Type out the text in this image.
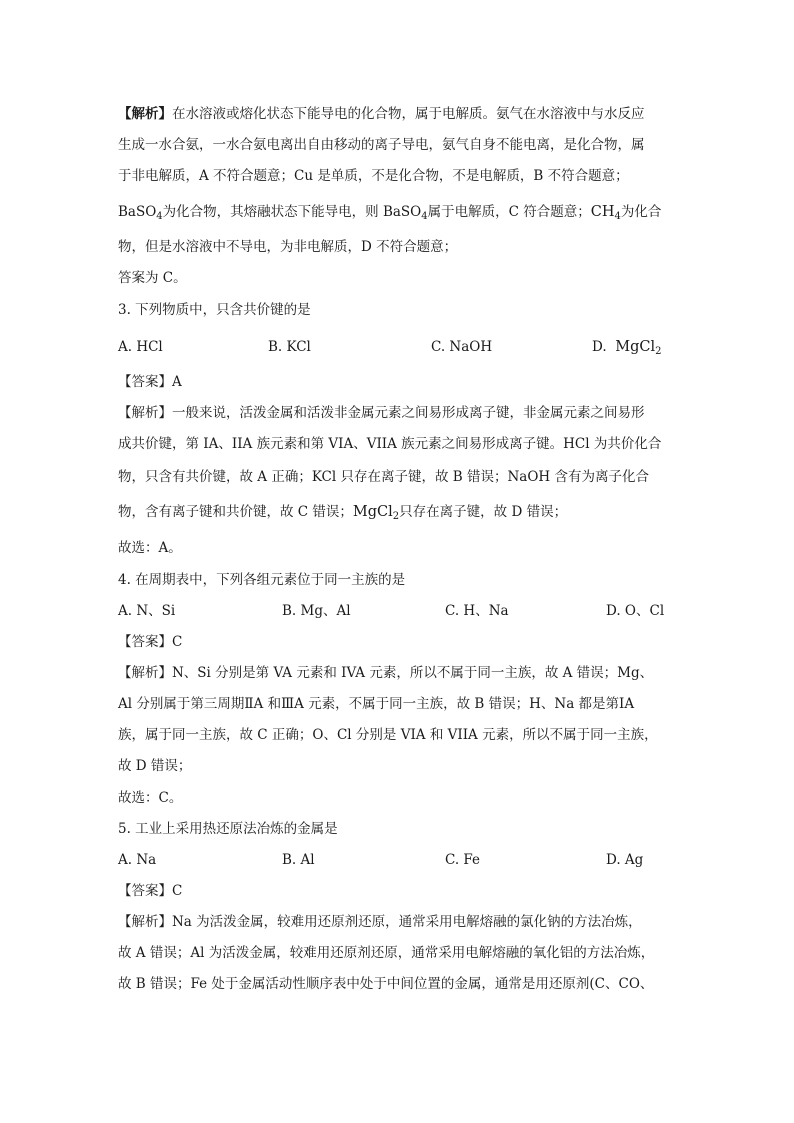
【解析】在水溶液或熔化状态下能导电的化合物，属于电解质。氨气在水溶液中与水反应
生成一水合氨，一水合氨电离出自由移动的离子导电，氨气自身不能电离，是化合物，属
于非电解质，A 不符合题意；Cu 是单质，不是化合物，不是电解质，B 不符合题意；
BaSO$_4$为化合物，其熔融状态下能导电，则 BaSO$_4$属于电解质，C 符合题意；$CH_4$为化合
物，但是水溶液中不导电，为非电解质，D 不符合题意；
答案为 C。
3. 下列物质中，只含共价键的是
A. HCl	B. KCl	C. NaOH	D. MgCl$_2$
【答案】A
【解析】一般来说，活泼金属和活泼非金属元素之间易形成离子键，非金属元素之间易形
成共价键，第 IA、IIA 族元素和第 VIA、VIIA 族元素之间易形成离子键。HCl 为共价化合
物，只含有共价键，故 A 正确；KCl 只存在离子键，故 B 错误；NaOH 含有为离子化合
物，含有离子键和共价键，故 C 错误；MgCl$_2$只存在离子键，故 D 错误；
故选：A。
4. 在周期表中，下列各组元素位于同一主族的是
A. N、Si	B. Mg、Al	C. H、Na	D. O、Cl
【答案】C
【解析】N、Si 分别是第 VA 元素和 IVA 元素，所以不属于同一主族，故 A 错误；Mg、
Al 分别属于第三周期ⅡA 和ⅢA 元素，不属于同一主族，故 B 错误；H、Na 都是第ⅠA
族，属于同一主族，故 C 正确；O、Cl 分别是 VIA 和 VIIA 元素，所以不属于同一主族，
故 D 错误；
故选：C。
5. 工业上采用热还原法冶炼的金属是
A. Na	B. Al	C. Fe	D. Ag
【答案】C
【解析】Na 为活泼金属，较难用还原剂还原，通常采用电解熔融的氯化钠的方法冶炼，
故 A 错误；Al 为活泼金属，较难用还原剂还原，通常采用电解熔融的氧化铝的方法冶炼，
故 B 错误；Fe 处于金属活动性顺序表中处于中间位置的金属，通常是用还原剂(C、CO、
